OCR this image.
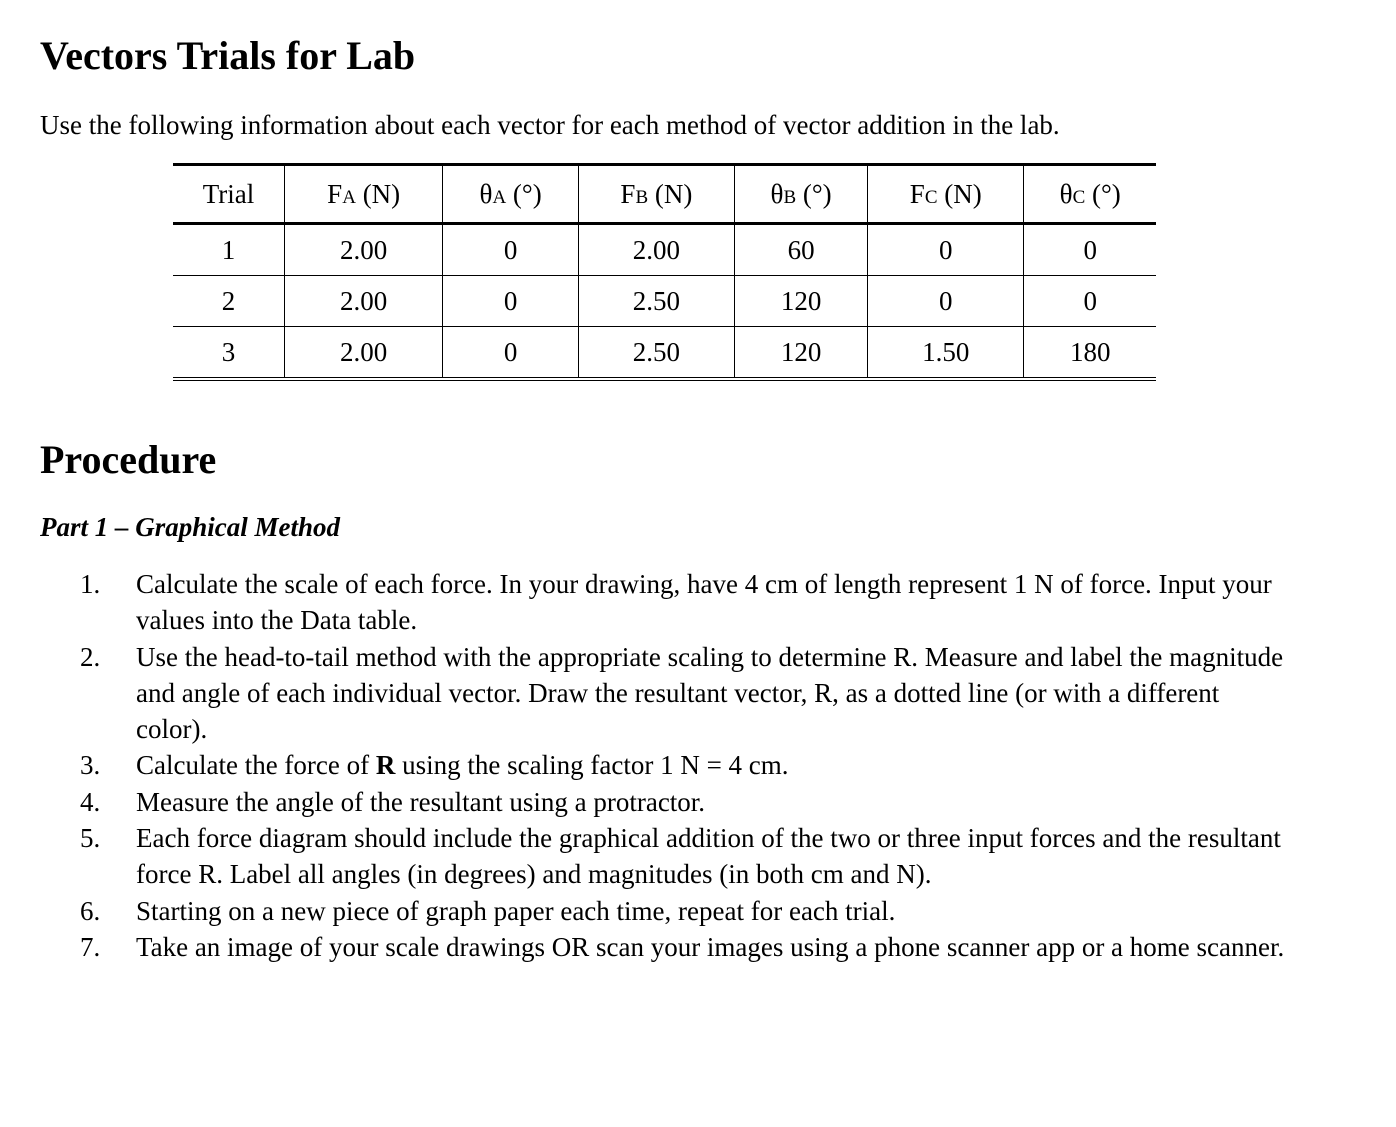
Vectors Trials for Lab

Use the following information about each vector for each method of vector addition in the lab.

Trial	FA (N)	θA (°)	FB (N)	θB (°)	FC (N)	θC (°)
1	2.00	0	2.00	60	0	0
2	2.00	0	2.50	120	0	0
3	2.00	0	2.50	120	1.50	180
Procedure
Part 1 – Graphical Method
1.	Calculate the scale of each force. In your drawing, have 4 cm of length represent 1 N of force. Input your values into the Data table.
2.	Use the head-to-tail method with the appropriate scaling to determine R. Measure and label the magnitude and angle of each individual vector. Draw the resultant vector, R, as a dotted line (or with a different color).
3.	Calculate the force of R using the scaling factor 1 N = 4 cm.
4.	Measure the angle of the resultant using a protractor.
5.	Each force diagram should include the graphical addition of the two or three input forces and the resultant force R. Label all angles (in degrees) and magnitudes (in both cm and N).
6.	Starting on a new piece of graph paper each time, repeat for each trial.
7.	Take an image of your scale drawings OR scan your images using a phone scanner app or a home scanner.
